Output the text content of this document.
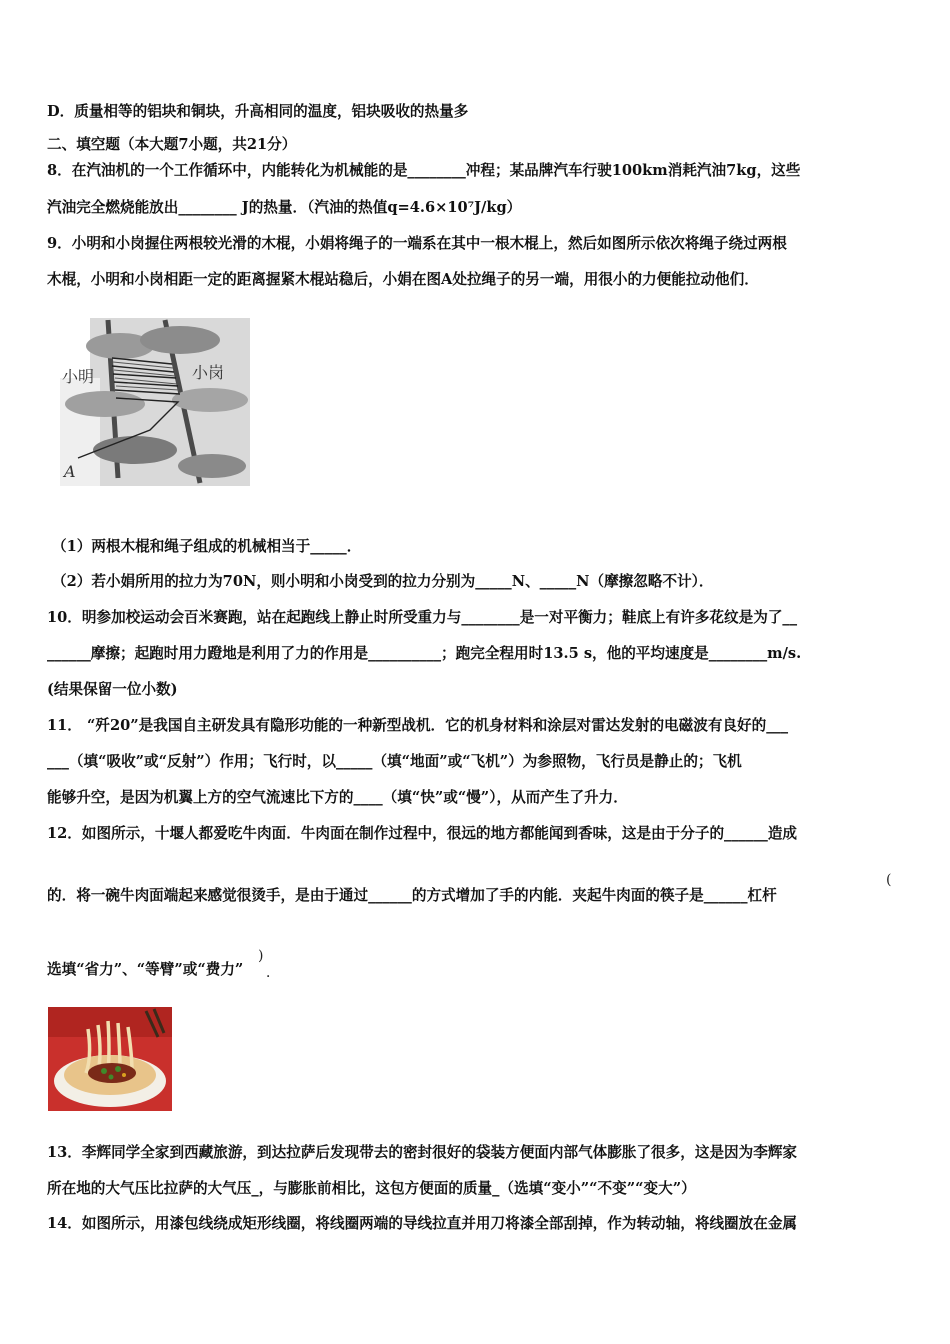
D．质量相等的铝块和铜块，升高相同的温度，铝块吸收的热量多
二、填空题（本大题7小题，共21分）
8．在汽油机的一个工作循环中，内能转化为机械能的是________冲程；某品牌汽车行驶100km消耗汽油7kg，这些
汽油完全燃烧能放出________ J的热量．（汽油的热值q=4.6×10⁷J/kg）
9．小明和小岗握住两根较光滑的木棍，小娟将绳子的一端系在其中一根木棍上，然后如图所示依次将绳子绕过两根
木棍，小明和小岗相距一定的距离握紧木棍站稳后，小娟在图A处拉绳子的另一端，用很小的力便能拉动他们．
小明	小岗
A
（1）两根木棍和绳子组成的机械相当于_____．
（2）若小娟所用的拉力为70N，则小明和小岗受到的拉力分别为_____N、_____N（摩擦忽略不计）．
10．明参加校运动会百米赛跑，站在起跑线上静止时所受重力与________是一对平衡力；鞋底上有许多花纹是为了__
______摩擦；起跑时用力蹬地是利用了力的作用是__________；跑完全程用时13.5 s，他的平均速度是________m/s.
(结果保留一位小数)
11． “歼20”是我国自主研发具有隐形功能的一种新型战机．它的机身材料和涂层对雷达发射的电磁波有良好的___
___（填“吸收”或“反射”）作用；飞行时，以_____（填“地面”或“飞机”）为参照物，飞行员是静止的；飞机
能够升空，是因为机翼上方的空气流速比下方的____（填“快”或“慢”），从而产生了升力．
12．如图所示，十堰人都爱吃牛肉面．牛肉面在制作过程中，很远的地方都能闻到香味，这是由于分子的______造成
的．将一碗牛肉面端起来感觉很烫手，是由于通过______的方式增加了手的内能．夹起牛肉面的筷子是______杠杆
(
选填“省力”、“等臂”或“费力”
)
．
13．李辉同学全家到西藏旅游，到达拉萨后发现带去的密封很好的袋装方便面内部气体膨胀了很多，这是因为李辉家
所在地的大气压比拉萨的大气压_，与膨胀前相比，这包方便面的质量_（选填“变小”“不变”“变大”）
14．如图所示，用漆包线绕成矩形线圈，将线圈两端的导线拉直并用刀将漆全部刮掉，作为转动轴，将线圈放在金属
